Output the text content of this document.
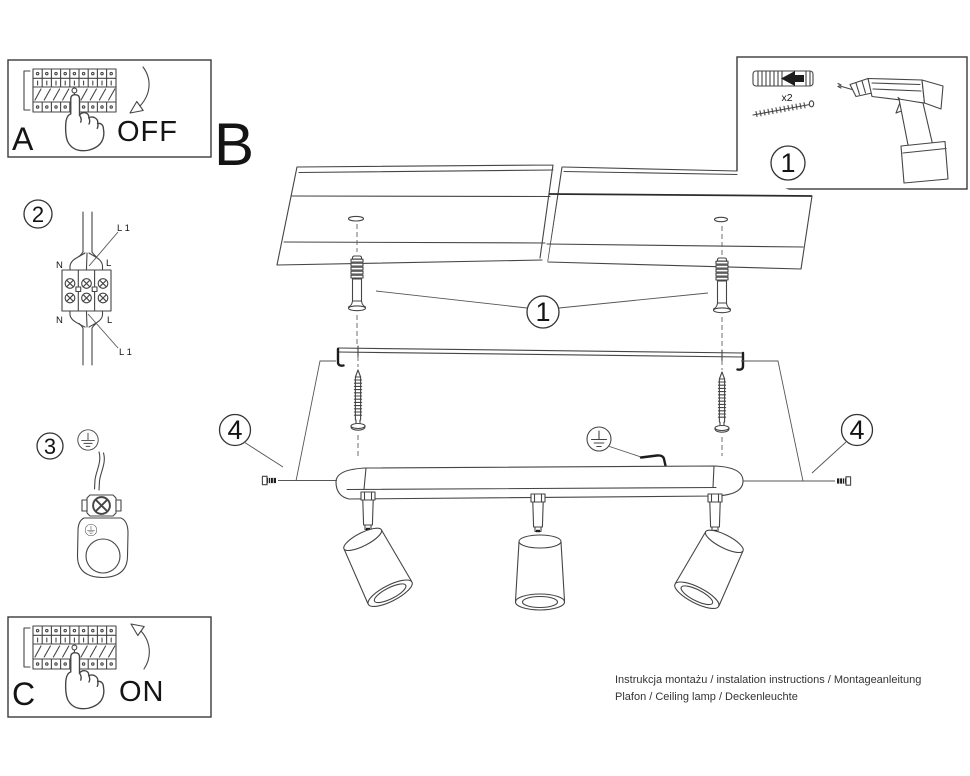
A	OFF
2
L 1
N	L
N	L
L 1
3
C	ON
x2
1
B
1
4	4
Instrukcja montażu / instalation instructions / Montageanleitung
Plafon / Ceiling lamp / Deckenleuchte
